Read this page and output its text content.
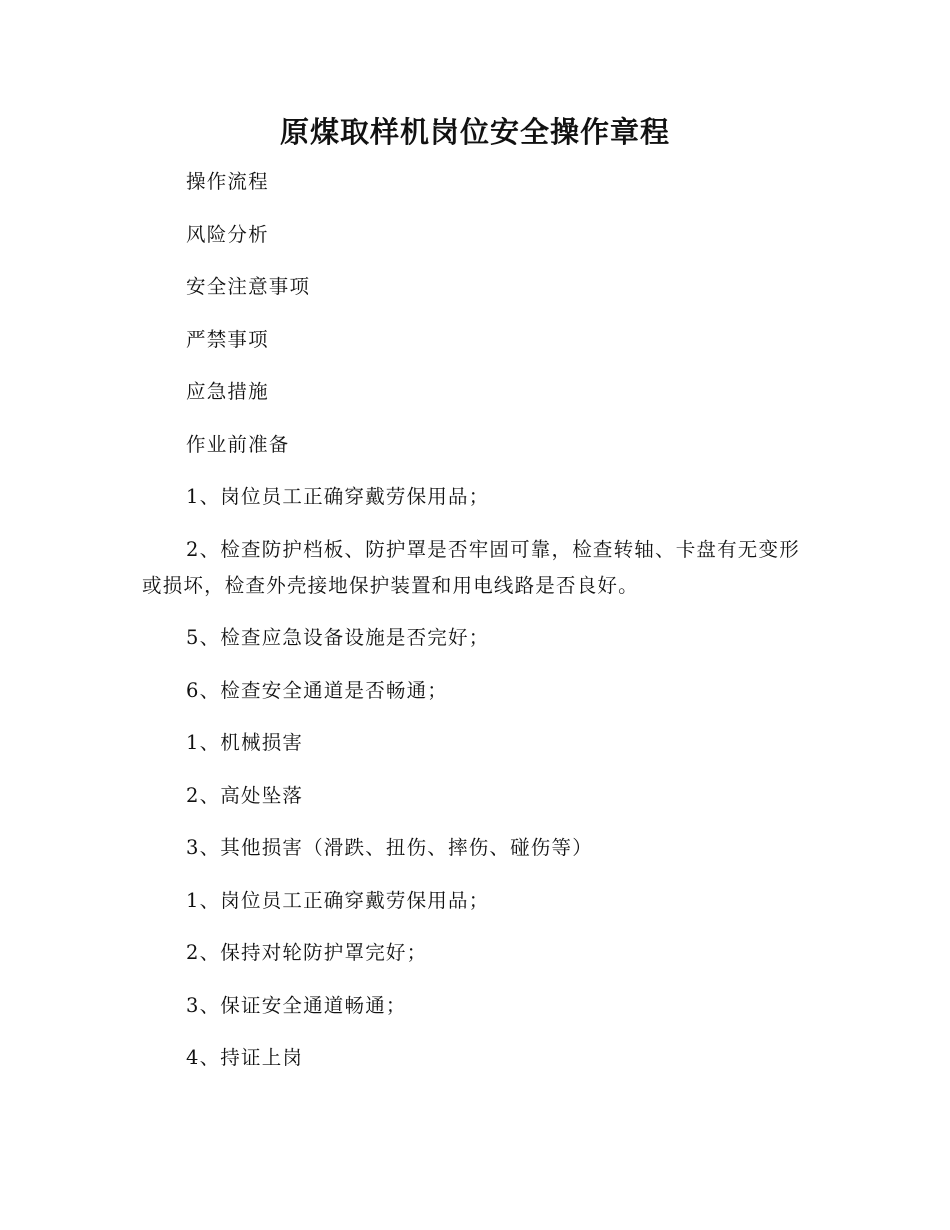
原煤取样机岗位安全操作章程

操作流程

风险分析

安全注意事项

严禁事项

应急措施

作业前准备

1、岗位员工正确穿戴劳保用品；

2、检查防护档板、防护罩是否牢固可靠，检查转轴、卡盘有无变形或损坏，检查外壳接地保护装置和用电线路是否良好。

5、检查应急设备设施是否完好；

6、检查安全通道是否畅通；

1、机械损害

2、高处坠落

3、其他损害（滑跌、扭伤、摔伤、碰伤等）

1、岗位员工正确穿戴劳保用品；

2、保持对轮防护罩完好；

3、保证安全通道畅通；

4、持证上岗
